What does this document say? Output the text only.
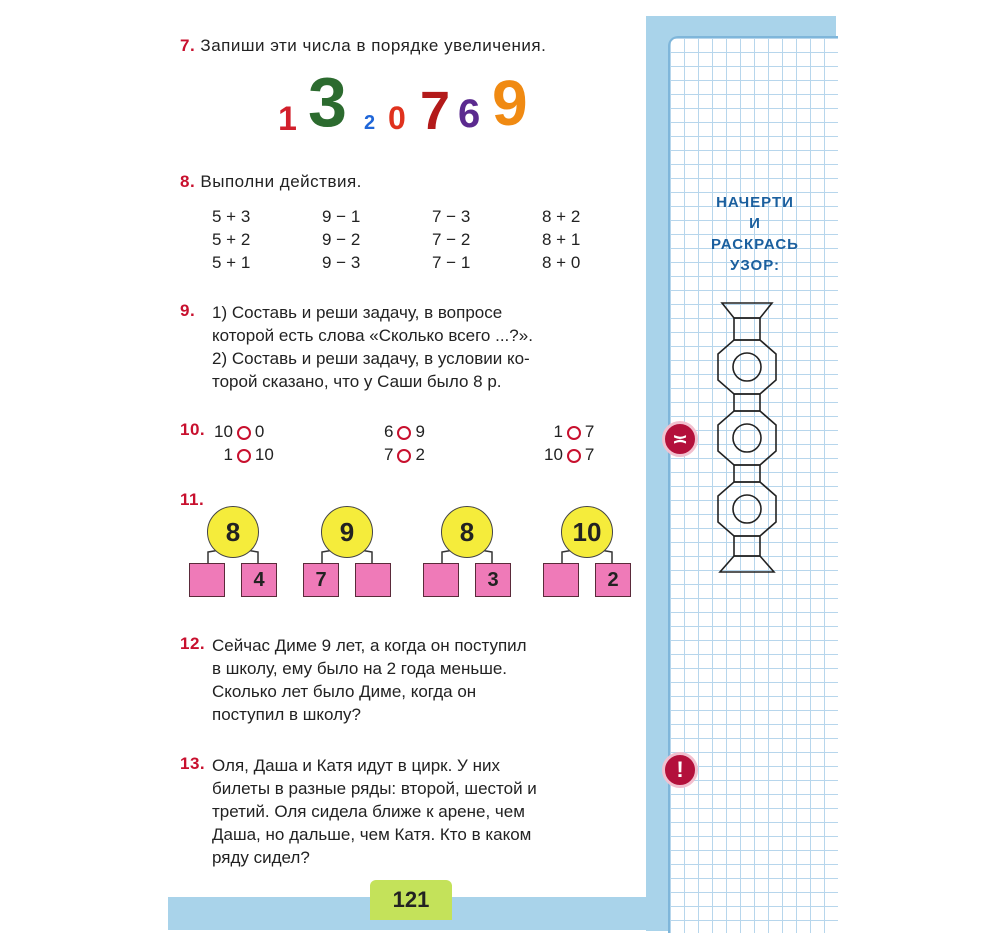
7. Запиши эти числа в порядке увеличения.
1 3 2 0 7 6 9
8. Выполни действия.
5 + 3
5 + 2
5 + 1
9 − 1
9 − 2
9 − 3
7 − 3
7 − 2
7 − 1
8 + 2
8 + 1
8 + 0
9. 1) Составь и реши задачу, в вопросе
которой есть слова «Сколько всего ...?».
2) Составь и реши задачу, в условии ко-
торой сказано, что у Саши было 8 р.
10. 10 0
1 10
6 9
7 2
1 7
10 7
11.
8
4
9
7
8
3
10
2
12. Сейчас Диме 9 лет, а когда он поступил
в школу, ему было на 2 года меньше.
Сколько лет было Диме, когда он
поступил в школу?
13. Оля, Даша и Катя идут в цирк. У них
билеты в разные ряды: второй, шестой и
третий. Оля сидела ближе к арене, чем
Даша, но дальше, чем Катя. Кто в каком
ряду сидел?
НАЧЕРТИ
И
РАСКРАСЬ
УЗОР:
≍
!
121
